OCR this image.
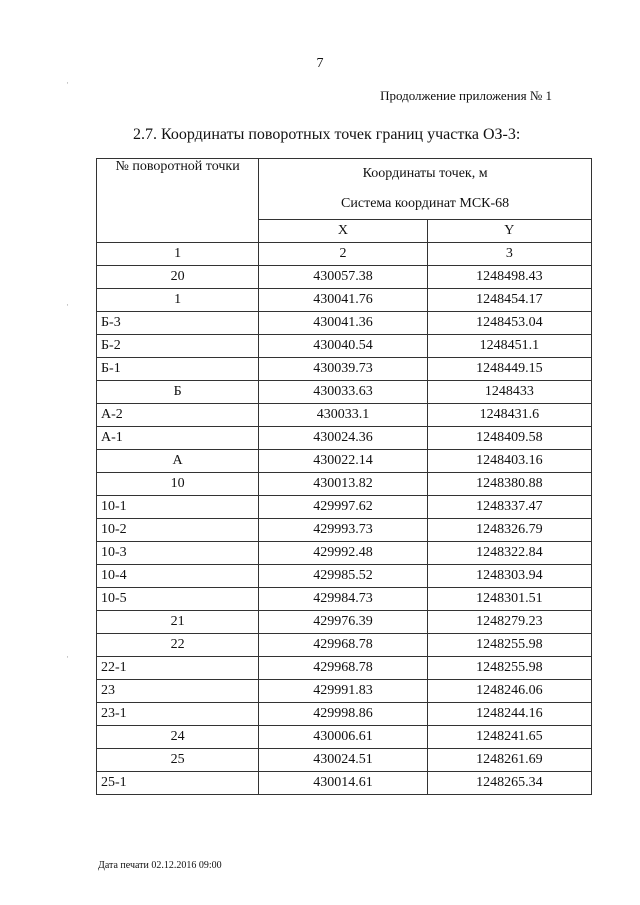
7
Продолжение приложения № 1
2.7. Координаты поворотных точек границ участка ОЗ-3:
·
·
·
№ поворотной точки	Координаты точек, м
Система координат МСК-68	

	X	Y
1	2	3
20	430057.38	1248498.43
1	430041.76	1248454.17
Б-3	430041.36	1248453.04
Б-2	430040.54	1248451.1
Б-1	430039.73	1248449.15
Б	430033.63	1248433
А-2	430033.1	1248431.6
А-1	430024.36	1248409.58
А	430022.14	1248403.16
10	430013.82	1248380.88
10-1	429997.62	1248337.47
10-2	429993.73	1248326.79
10-3	429992.48	1248322.84
10-4	429985.52	1248303.94
10-5	429984.73	1248301.51
21	429976.39	1248279.23
22	429968.78	1248255.98
22-1	429968.78	1248255.98
23	429991.83	1248246.06
23-1	429998.86	1248244.16
24	430006.61	1248241.65
25	430024.51	1248261.69
25-1	430014.61	1248265.34
Дата печати 02.12.2016 09:00
